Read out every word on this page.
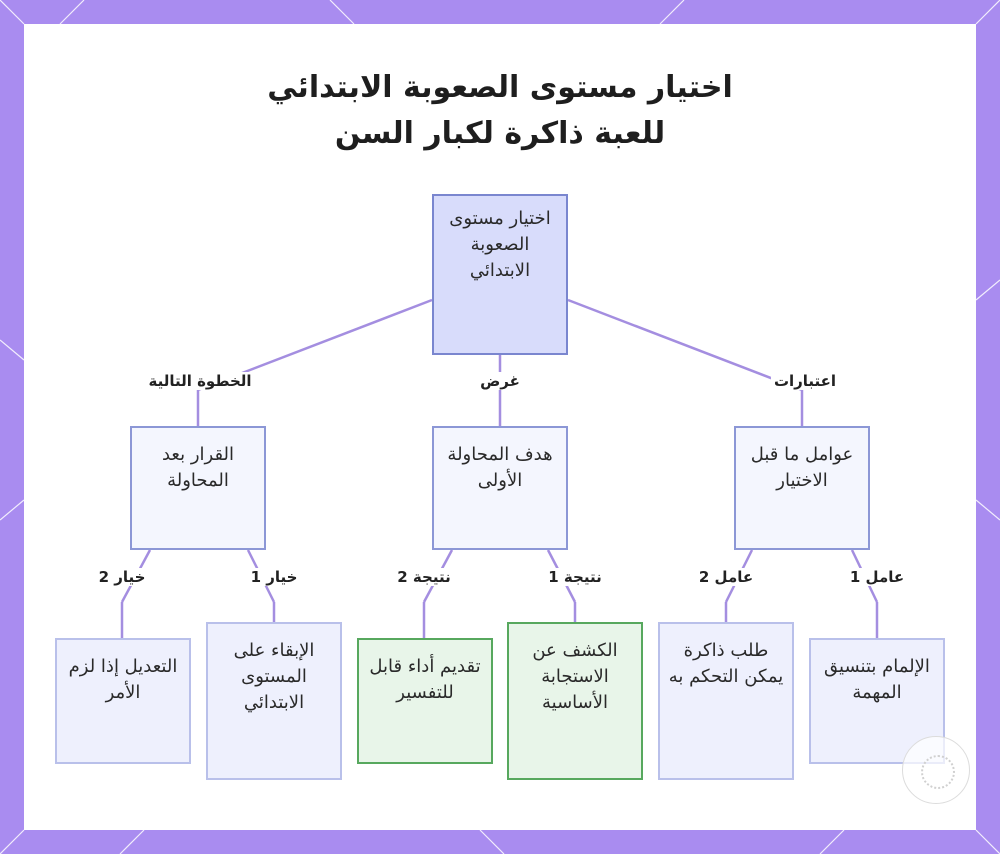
اختيار مستوى الصعوبة الابتدائي
للعبة ذاكرة لكبار السن
الخطوة التالية	غرض	اعتبارات
خيار 2	خيار 1	نتيجة 2	نتيجة 1	عامل 2	عامل 1
اختيار مستوى الصعوبة الابتدائي
القرار بعد المحاولة
هدف المحاولة الأولى
عوامل ما قبل الاختيار
التعديل إذا لزم الأمر
الإبقاء على المستوى الابتدائي
تقديم أداء قابل للتفسير
الكشف عن الاستجابة الأساسية
طلب ذاكرة يمكن التحكم به	الإلمام بتنسيق المهمة
